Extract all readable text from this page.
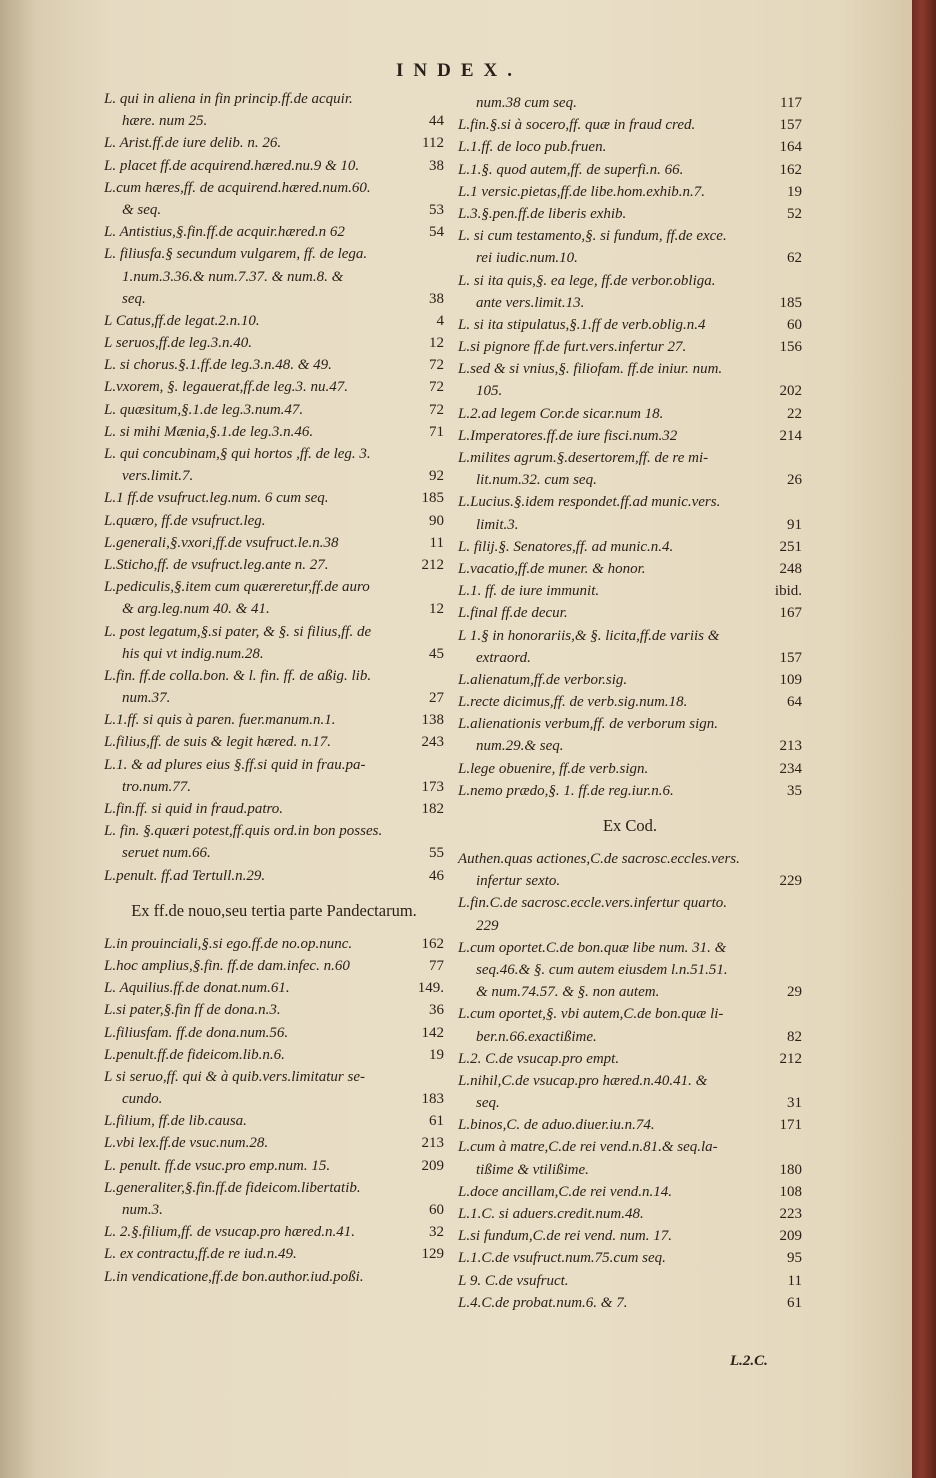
INDEX.
L. qui in aliena in fin princip.ff.de acquir.
hære. num 25.	44
L. Arist.ff.de iure delib. n. 26.	112
L. placet ff.de acquirend.hæred.nu.9 & 10.	38
L.cum hæres,ff. de acquirend.hæred.num.60.
& seq.	53
L. Antistius,§.fin.ff.de acquir.hæred.n 62	54
L. filiusfa.§ secundum vulgarem, ff. de lega.
1.num.3.36.& num.7.37. & num.8. &
seq.	38
L Catus,ff.de legat.2.n.10.	4
L seruos,ff.de leg.3.n.40.	12
L. si chorus.§.1.ff.de leg.3.n.48. & 49.	72
L.vxorem, §. legauerat,ff.de leg.3. nu.47.	72
L. quæsitum,§.1.de leg.3.num.47.	72
L. si mihi Mænia,§.1.de leg.3.n.46.	71
L. qui concubinam,§ qui hortos ,ff. de leg. 3.
vers.limit.7.	92
L.1 ff.de vsufruct.leg.num. 6 cum seq.	185
L.quæro, ff.de vsufruct.leg.	90
L.generali,§.vxori,ff.de vsufruct.le.n.38	11
L.Sticho,ff. de vsufruct.leg.ante n. 27.	212
L.pediculis,§.item cum quæreretur,ff.de auro
& arg.leg.num 40. & 41.	12
L. post legatum,§.si pater, & §. si filius,ff. de
his qui vt indig.num.28.	45
L.fin. ff.de colla.bon. & l. fin. ff. de aßig. lib.
num.37.	27
L.1.ff. si quis à paren. fuer.manum.n.1.	138
L.filius,ff. de suis & legit hæred. n.17.	243
L.1. & ad plures eius §.ff.si quid in frau.pa-
tro.num.77.	173
L.fin.ff. si quid in fraud.patro.	182
L. fin. §.quæri potest,ff.quis ord.in bon posses.
seruet num.66.	55
L.penult. ff.ad Tertull.n.29.	46
Ex ff.de nouo,seu tertia parte Pandectarum.
L.in prouinciali,§.si ego.ff.de no.op.nunc.	162
L.hoc amplius,§.fin. ff.de dam.infec. n.60	77
L. Aquilius.ff.de donat.num.61.	149.
L.si pater,§.fin ff de dona.n.3.	36
L.filiusfam. ff.de dona.num.56.	142
L.penult.ff.de fideicom.lib.n.6.	19
L si seruo,ff. qui & à quib.vers.limitatur se-
cundo.	183
L.filium, ff.de lib.causa.	61
L.vbi lex.ff.de vsuc.num.28.	213
L. penult. ff.de vsuc.pro emp.num. 15.	209
L.generaliter,§.fin.ff.de fideicom.libertatib.
num.3.	60
L. 2.§.filium,ff. de vsucap.pro hæred.n.41.	32
L. ex contractu,ff.de re iud.n.49.	129
L.in vendicatione,ff.de bon.author.iud.poßi.
num.38 cum seq.	117
L.fin.§.si à socero,ff. quæ in fraud cred.	157
L.1.ff. de loco pub.fruen.	164
L.1.§. quod autem,ff. de superfi.n. 66.	162
L.1 versic.pietas,ff.de libe.hom.exhib.n.7.	19
L.3.§.pen.ff.de liberis exhib.	52
L. si cum testamento,§. si fundum, ff.de exce.
rei iudic.num.10.	62
L. si ita quis,§. ea lege, ff.de verbor.obliga.
ante vers.limit.13.	185
L. si ita stipulatus,§.1.ff de verb.oblig.n.4	60
L.si pignore ff.de furt.vers.infertur 27.	156
L.sed & si vnius,§. filiofam. ff.de iniur. num.
105.	202
L.2.ad legem Cor.de sicar.num 18.	22
L.Imperatores.ff.de iure fisci.num.32	214
L.milites agrum.§.desertorem,ff. de re mi-
lit.num.32. cum seq.	26
L.Lucius.§.idem respondet.ff.ad munic.vers.
limit.3.	91
L. filij.§. Senatores,ff. ad munic.n.4.	251
L.vacatio,ff.de muner. & honor.	248
L.1. ff. de iure immunit.	ibid.
L.final ff.de decur.	167
L 1.§ in honorariis,& §. licita,ff.de variis &
extraord.	157
L.alienatum,ff.de verbor.sig.	109
L.recte dicimus,ff. de verb.sig.num.18.	64
L.alienationis verbum,ff. de verborum sign.
num.29.& seq.	213
L.lege obuenire, ff.de verb.sign.	234
L.nemo prædo,§. 1. ff.de reg.iur.n.6.	35
Ex Cod.
Authen.quas actiones,C.de sacrosc.eccles.vers.
infertur sexto.	229
L.fin.C.de sacrosc.eccle.vers.infertur quarto.
229
L.cum oportet.C.de bon.quæ libe num. 31. &
seq.46.& §. cum autem eiusdem l.n.51.51.
& num.74.57. & §. non autem.	29
L.cum oportet,§. vbi autem,C.de bon.quæ li-
ber.n.66.exactißime.	82
L.2. C.de vsucap.pro empt.	212
L.nihil,C.de vsucap.pro hæred.n.40.41. &
seq.	31
L.binos,C. de aduo.diuer.iu.n.74.	171
L.cum à matre,C.de rei vend.n.81.& seq.la-
tißime & vtilißime.	180
L.doce ancillam,C.de rei vend.n.14.	108
L.1.C. si aduers.credit.num.48.	223
L.si fundum,C.de rei vend. num. 17.	209
L.1.C.de vsufruct.num.75.cum seq.	95
L 9. C.de vsufruct.	11
L.4.C.de probat.num.6. & 7.	61
L.2.C.
